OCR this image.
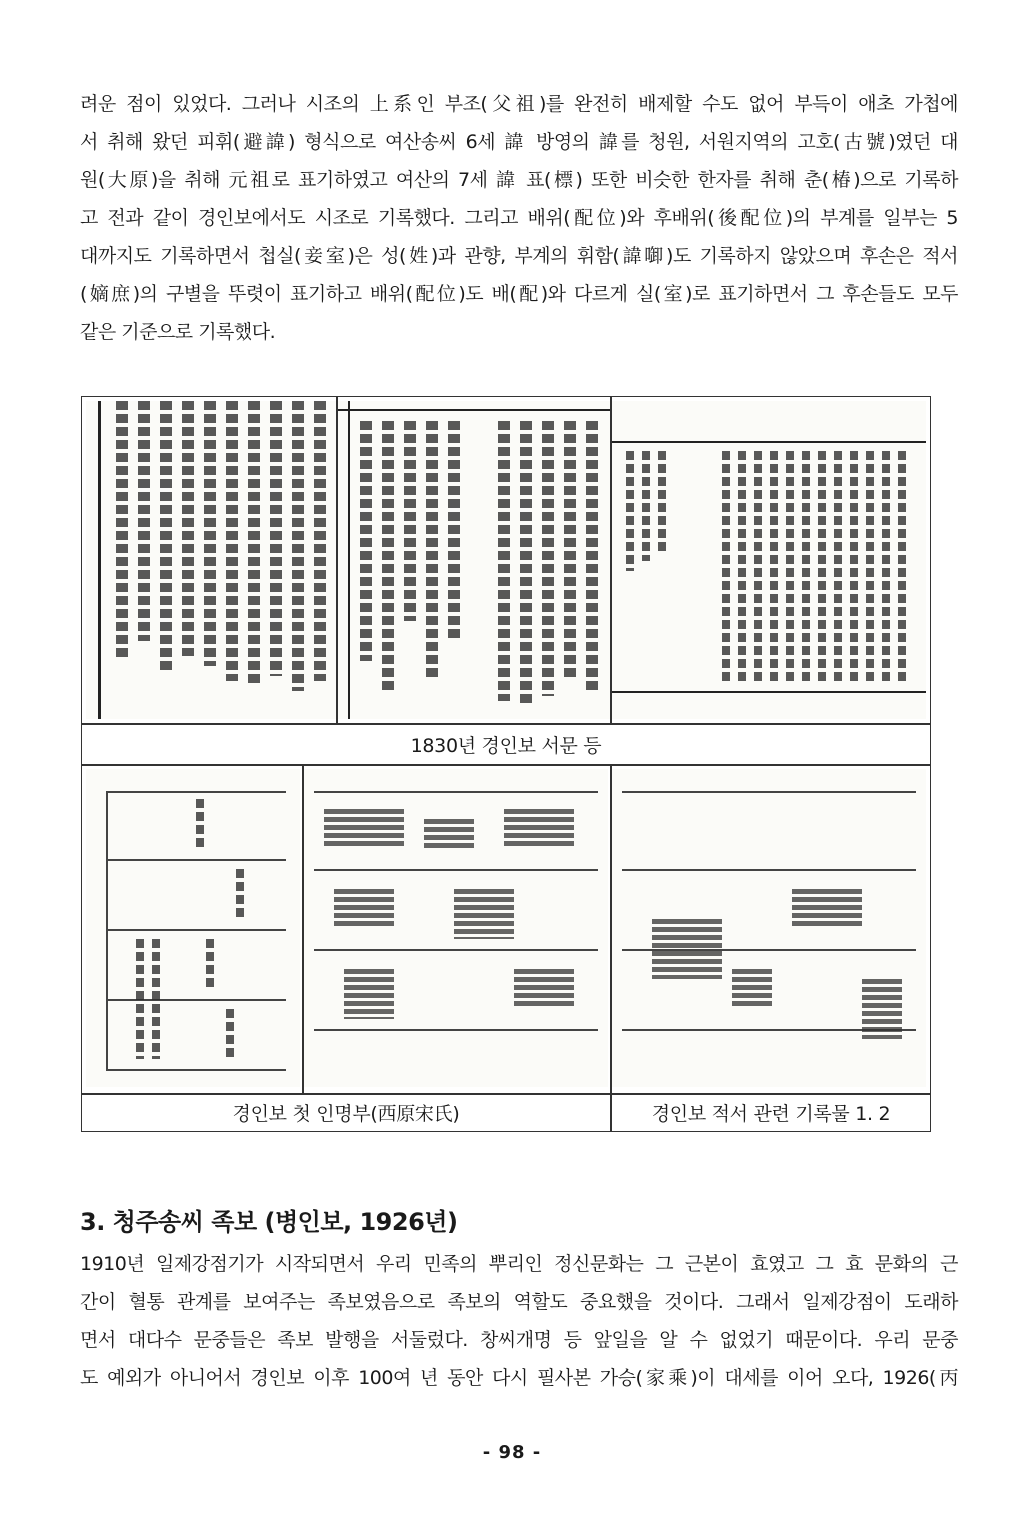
려운 점이 있었다. 그러나 시조의 上系인 부조(父祖)를 완전히 배제할 수도 없어 부득이 애초 가첩에
서 취해 왔던 피휘(避諱) 형식으로 여산송씨 6세 諱 방영의 諱를 청원, 서원지역의 고호(古號)였던 대
원(大原)을 취해 元祖로 표기하였고 여산의 7세 諱 표(標) 또한 비슷한 한자를 취해 춘(椿)으로 기록하
고 전과 같이 경인보에서도 시조로 기록했다. 그리고 배위(配位)와 후배위(後配位)의 부계를 일부는 5
대까지도 기록하면서 첩실(妾室)은 성(姓)과 관향, 부계의 휘함(諱啣)도 기록하지 않았으며 후손은 적서
(嫡庶)의 구별을 뚜렷이 표기하고 배위(配位)도 배(配)와 다르게 실(室)로 표기하면서 그 후손들도 모두
같은 기준으로 기록했다.
1830년 경인보 서문 등
경인보 첫 인명부(西原宋氏)	경인보 적서 관련 기록물 1. 2
3. 청주송씨 족보 (병인보, 1926년)
1910년 일제강점기가 시작되면서 우리 민족의 뿌리인 정신문화는 그 근본이 효였고 그 효 문화의 근
간이 혈통 관계를 보여주는 족보였음으로 족보의 역할도 중요했을 것이다. 그래서 일제강점이 도래하
면서 대다수 문중들은 족보 발행을 서둘렀다. 창씨개명 등 앞일을 알 수 없었기 때문이다. 우리 문중
도 예외가 아니어서 경인보 이후 100여 년 동안 다시 필사본 가승(家乘)이 대세를 이어 오다, 1926(丙
- 98 -
